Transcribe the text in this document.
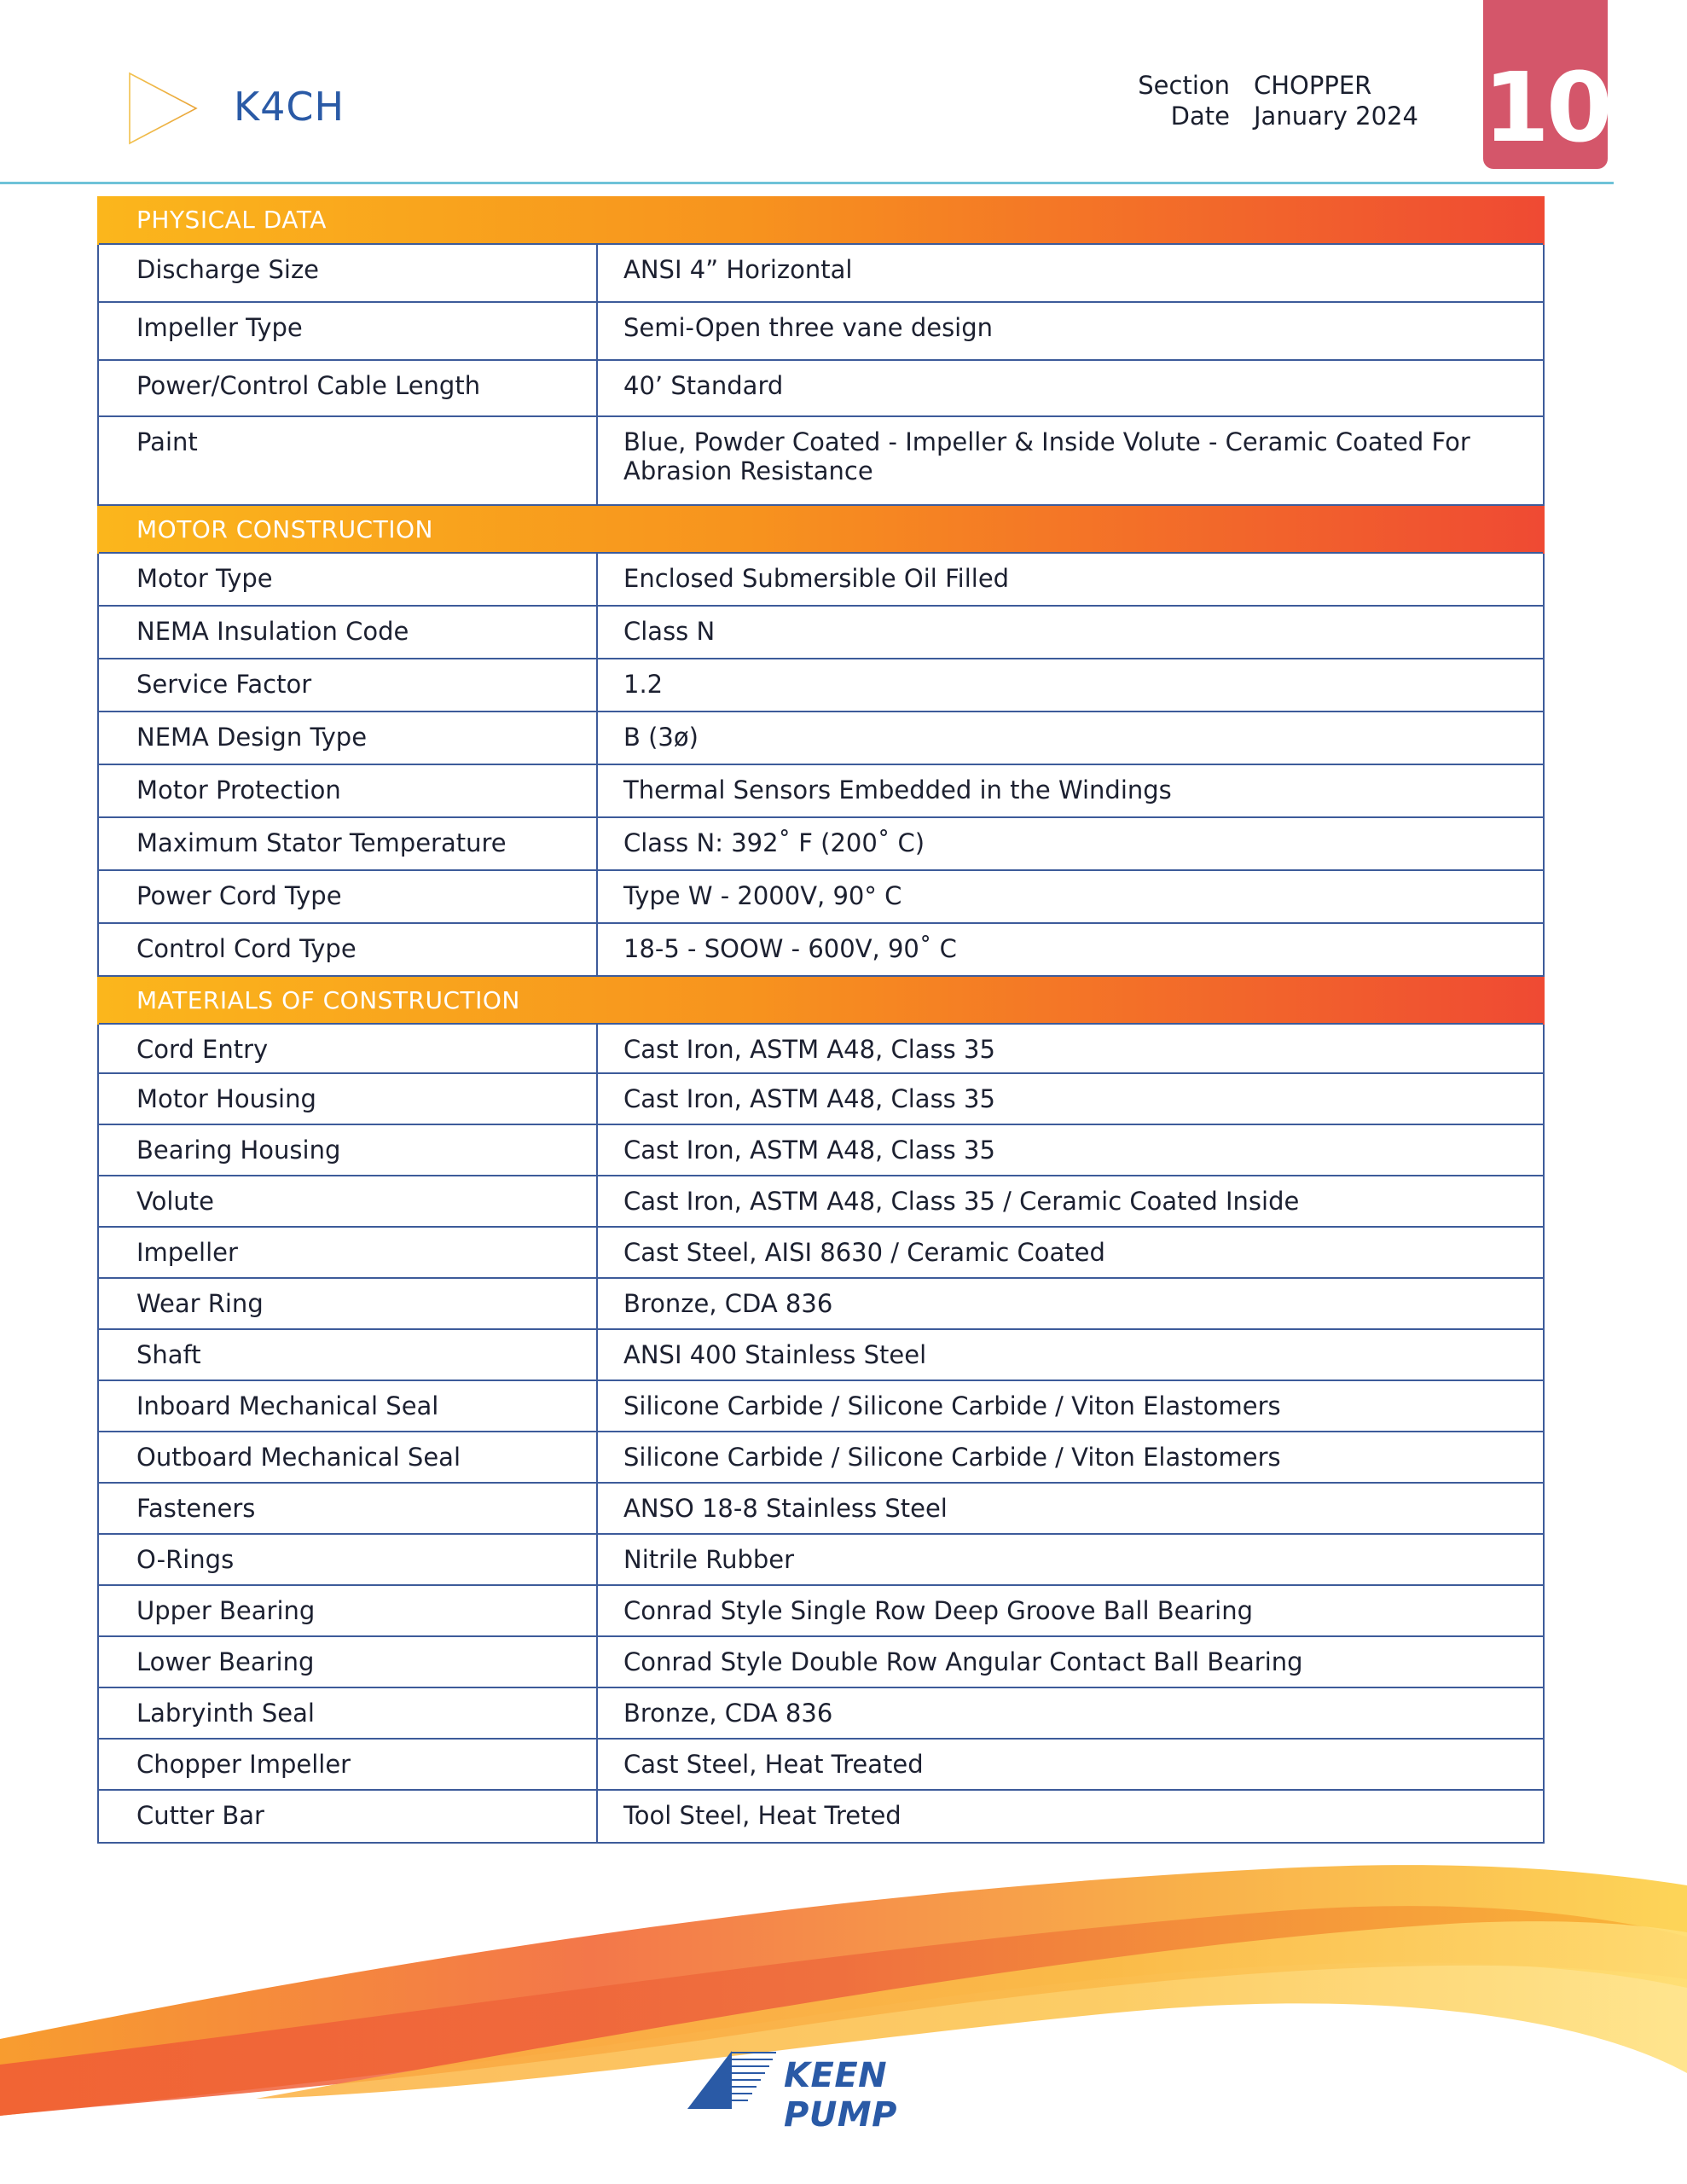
K4CH	Section
Date
CHOPPER
January 2024 10
PHYSICAL DATA	
Discharge Size	ANSI 4” Horizontal
Impeller Type	Semi-Open three vane design
Power/Control Cable Length	40’ Standard
Paint	Blue, Powder Coated - Impeller & Inside Volute - Ceramic Coated For Abrasion Resistance
MOTOR CONSTRUCTION	
Motor Type	Enclosed Submersible Oil Filled
NEMA Insulation Code	Class N
Service Factor	1.2
NEMA Design Type	B (3ø)
Motor Protection	Thermal Sensors Embedded in the Windings
Maximum Stator Temperature	Class N: 392˚ F (200˚ C)
Power Cord Type	Type W - 2000V, 90° C
Control Cord Type	18-5 - SOOW - 600V, 90˚ C
MATERIALS OF CONSTRUCTION	
Cord Entry	Cast Iron, ASTM A48, Class 35
Motor Housing	Cast Iron, ASTM A48, Class 35
Bearing Housing	Cast Iron, ASTM A48, Class 35
Volute	Cast Iron, ASTM A48, Class 35 / Ceramic Coated Inside
Impeller	Cast Steel, AISI 8630 / Ceramic Coated
Wear Ring	Bronze, CDA 836
Shaft	ANSI 400 Stainless Steel
Inboard Mechanical Seal	Silicone Carbide / Silicone Carbide / Viton Elastomers
Outboard Mechanical Seal	Silicone Carbide / Silicone Carbide / Viton Elastomers
Fasteners	ANSO 18-8 Stainless Steel
O-Rings	Nitrile Rubber
Upper Bearing	Conrad Style Single Row Deep Groove Ball Bearing
Lower Bearing	Conrad Style Double Row Angular Contact Ball Bearing
Labryinth Seal	Bronze, CDA 836
Chopper Impeller	Cast Steel, Heat Treated
Cutter Bar	Tool Steel, Heat Treted
KEEN PUMP
